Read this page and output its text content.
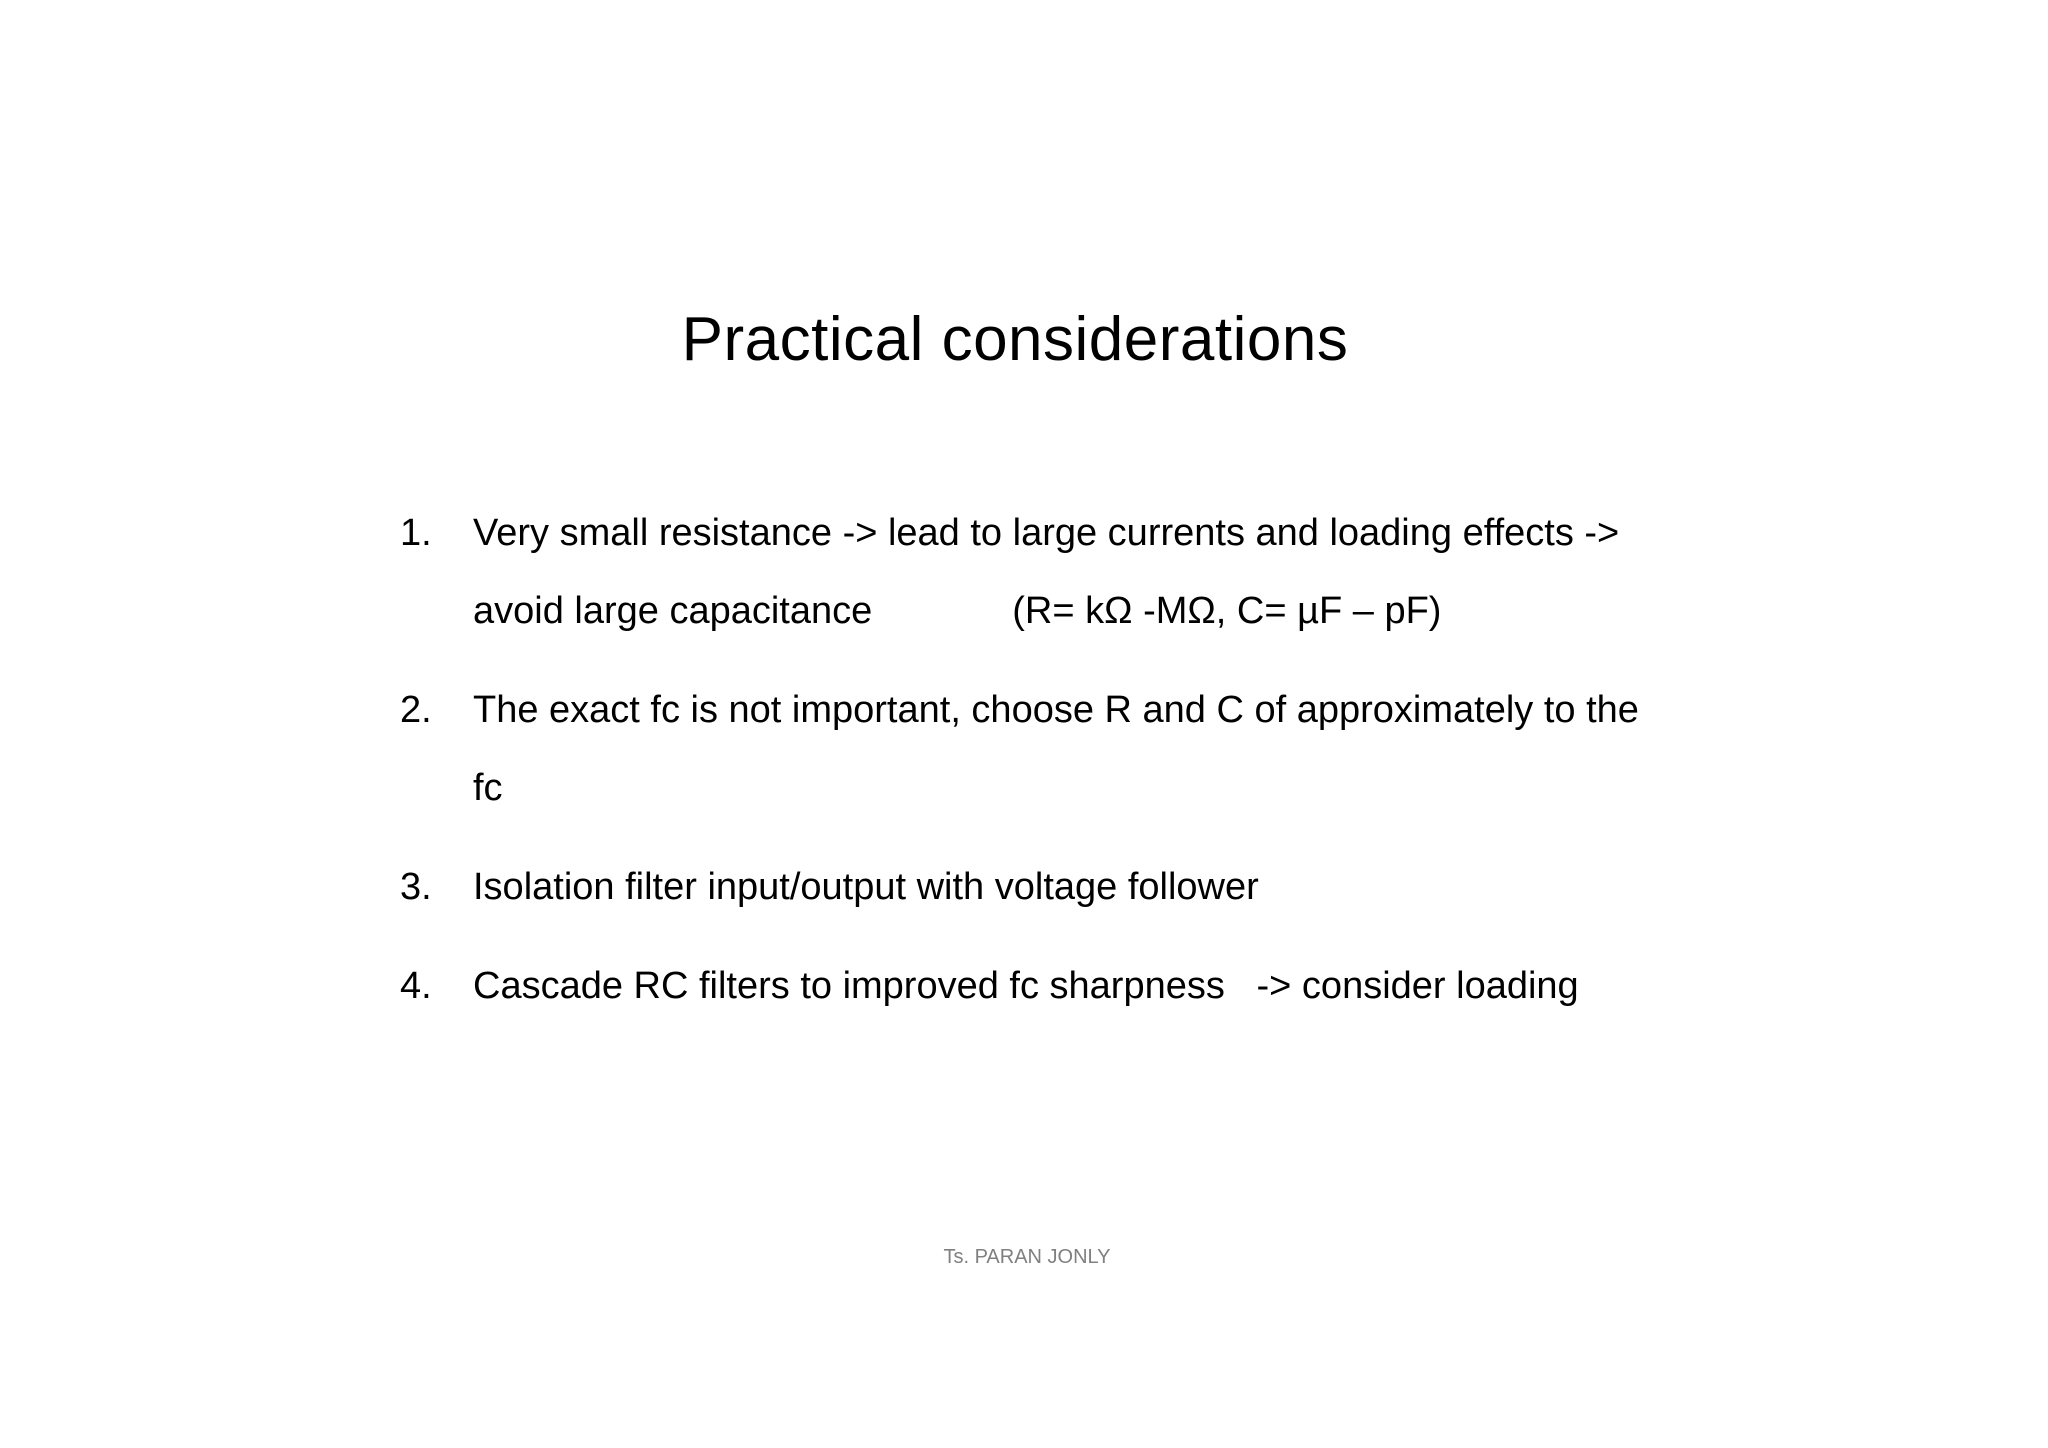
Practical considerations
1. Very small resistance -> lead to large currents and loading effects ->
avoid large capacitance	(R= kΩ -MΩ, C= µF – pF)
2. The exact fc is not important, choose R and C of approximately to the
fc
3. Isolation filter input/output with voltage follower
4. Cascade RC filters to improved fc sharpness   -> consider loading
Ts. PARAN JONLY
